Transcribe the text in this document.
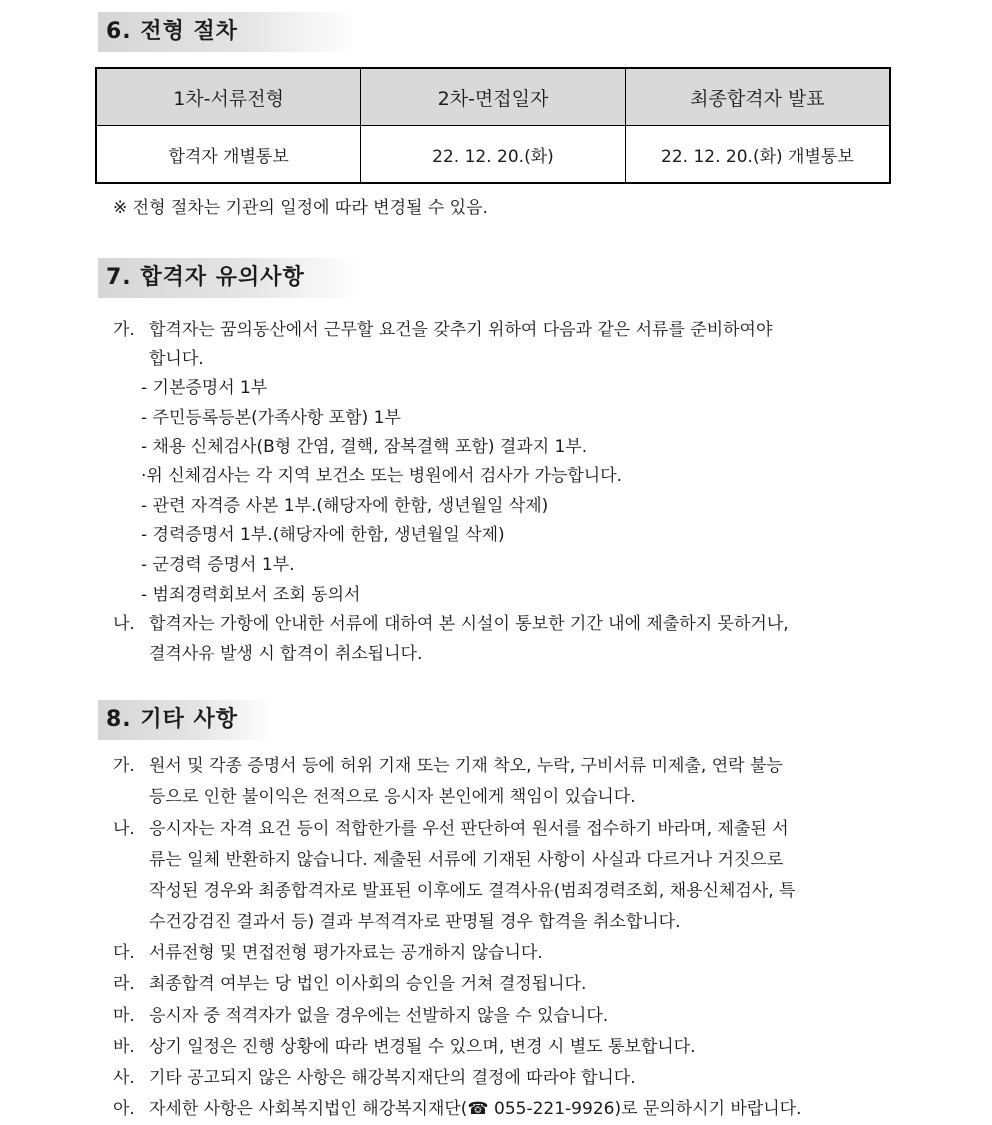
6. 전형 절차
1차-서류전형	2차-면접일자	최종합격자 발표
합격자 개별통보	22. 12. 20.(화)	22. 12. 20.(화) 개별통보
※ 전형 절차는 기관의 일정에 따라 변경될 수 있음.
7. 합격자 유의사항
가. 합격자는 꿈의동산에서 근무할 요건을 갖추기 위하여 다음과 같은 서류를 준비하여야
합니다.
- 기본증명서 1부
- 주민등록등본(가족사항 포함) 1부
- 채용 신체검사(B형 간염, 결핵, 잠복결핵 포함) 결과지 1부.
·위 신체검사는 각 지역 보건소 또는 병원에서 검사가 가능합니다.
- 관련 자격증 사본 1부.(해당자에 한함, 생년월일 삭제)
- 경력증명서 1부.(해당자에 한함, 생년월일 삭제)
- 군경력 증명서 1부.
- 범죄경력회보서 조회 동의서
나. 합격자는 가항에 안내한 서류에 대하여 본 시설이 통보한 기간 내에 제출하지 못하거나,
결격사유 발생 시 합격이 취소됩니다.
8. 기타 사항
가. 원서 및 각종 증명서 등에 허위 기재 또는 기재 착오, 누락, 구비서류 미제출, 연락 불능
등으로 인한 불이익은 전적으로 응시자 본인에게 책임이 있습니다.
나. 응시자는 자격 요건 등이 적합한가를 우선 판단하여 원서를 접수하기 바라며, 제출된 서
류는 일체 반환하지 않습니다. 제출된 서류에 기재된 사항이 사실과 다르거나 거짓으로
작성된 경우와 최종합격자로 발표된 이후에도 결격사유(범죄경력조회, 채용신체검사, 특
수건강검진 결과서 등) 결과 부적격자로 판명될 경우 합격을 취소합니다.
다. 서류전형 및 면접전형 평가자료는 공개하지 않습니다.
라. 최종합격 여부는 당 법인 이사회의 승인을 거쳐 결정됩니다.
마. 응시자 중 적격자가 없을 경우에는 선발하지 않을 수 있습니다.
바. 상기 일정은 진행 상황에 따라 변경될 수 있으며, 변경 시 별도 통보합니다.
사. 기타 공고되지 않은 사항은 해강복지재단의 결정에 따라야 합니다.
아. 자세한 사항은 사회복지법인 해강복지재단(☎ 055-221-9926)로 문의하시기 바랍니다.
